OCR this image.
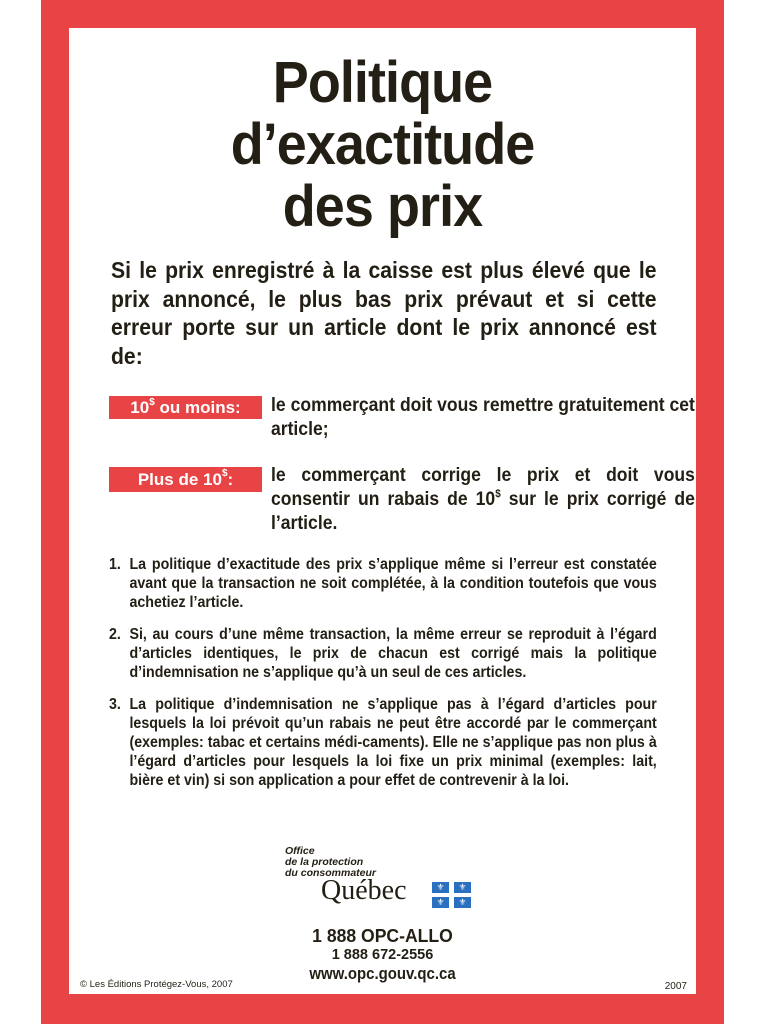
Politique
d’exactitude
des prix
Si le prix enregistré à la caisse est plus élevé que le prix annoncé, le plus bas prix prévaut et si cette erreur porte sur un article dont le prix annoncé est de:
10$ ou moins:	le commerçant doit vous remettre gratuitement cet article;
Plus de 10$:	le commerçant corrige le prix et doit vous consentir un rabais de 10$ sur le prix corrigé de l’article.
1. La politique d’exactitude des prix s’applique même si l’erreur est constatée avant que la transaction ne soit complétée, à la condition toutefois que vous achetiez l’article.
2. Si, au cours d’une même transaction, la même erreur se reproduit à l’égard d’articles identiques, le prix de chacun est corrigé mais la politique d’indemnisation ne s’applique qu’à un seul de ces articles.
3. La politique d’indemnisation ne s’applique pas à l’égard d’articles pour lesquels la loi prévoit qu’un rabais ne peut être accordé par le commerçant (exemples: tabac et certains médi-caments). Elle ne s’applique pas non plus à l’égard d’articles pour lesquels la loi fixe un prix minimal (exemples: lait, bière et vin) si son application a pour effet de contrevenir à la loi.
Office
de la protection
du consommateur
Québec	⚜	⚜
⚜	⚜
1 888 OPC-ALLO
1 888 672-2556
www.opc.gouv.qc.ca
© Les Éditions Protégez-Vous, 2007	2007
